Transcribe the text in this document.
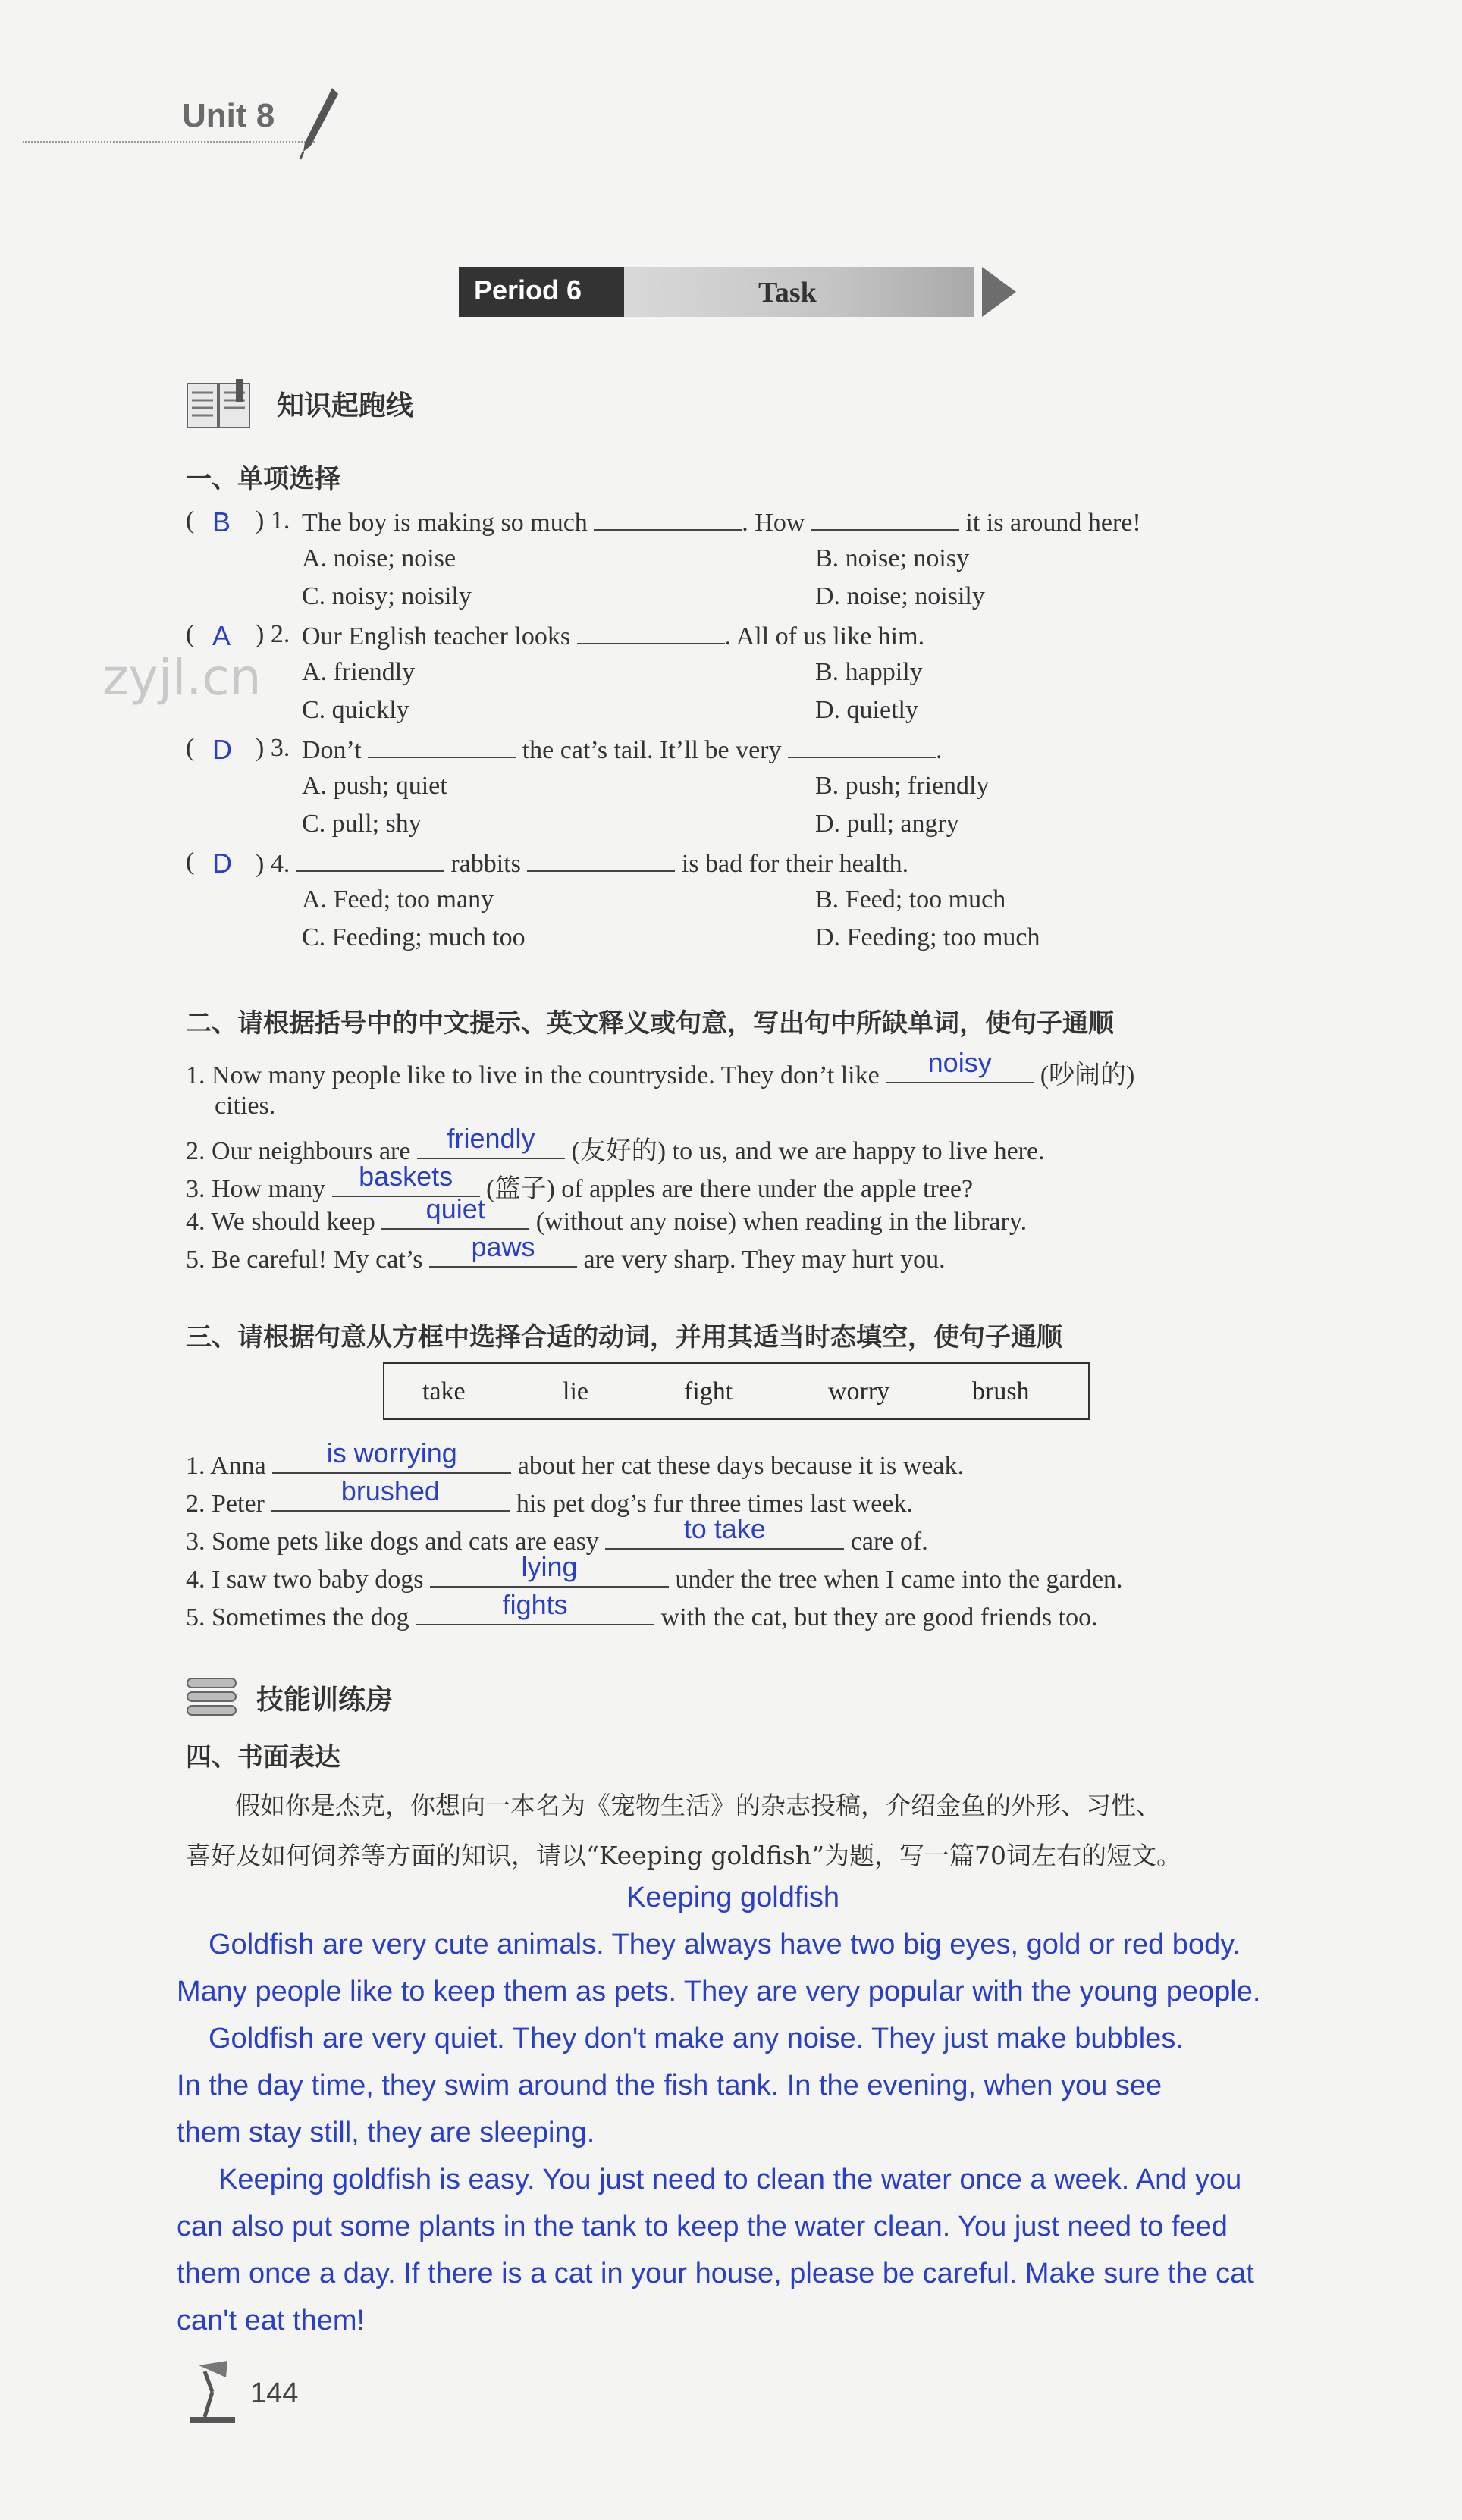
Unit 8
Period 6	Task
zyjl.cn
知识起跑线
一、单项选择
( B ) 1. The boy is making so much	. How	it is around here!
A. noise; noise	B. noise; noisy
C. noisy; noisily	D. noise; noisily
( A ) 2. Our English teacher looks	. All of us like him.
A. friendly	B. happily
C. quickly	D. quietly
( D ) 3. Don’t	the cat’s tail. It’ll be very	.
A. push; quiet	B. push; friendly
C. pull; shy	D. pull; angry
( D ) 4.	rabbits	is bad for their health.
A. Feed; too many	B. Feed; too much
C. Feeding; much too	D. Feeding; too much
二、请根据括号中的中文提示、英文释义或句意，写出句中所缺单词，使句子通顺
1. Now many people like to live in the countryside. They don’t like	noisy	(吵闹的)
cities.
2. Our neighbours are	friendly	(友好的) to us, and we are happy to live here.
3. How many	baskets	(篮子) of apples are there under the apple tree?
4. We should keep	quiet	(without any noise) when reading in the library.
5. Be careful! My cat’s	paws	are very sharp. They may hurt you.
三、请根据句意从方框中选择合适的动词，并用其适当时态填空，使句子通顺
take	lie	fight	worry	brush
1. Anna	is worrying	about her cat these days because it is weak.
2. Peter	brushed	his pet dog’s fur three times last week.
3. Some pets like dogs and cats are easy	to take	care of.
4. I saw two baby dogs	lying	under the tree when I came into the garden.
5. Sometimes the dog	fights	with the cat, but they are good friends too.
技能训练房
四、书面表达
假如你是杰克，你想向一本名为《宠物生活》的杂志投稿，介绍金鱼的外形、习性、
喜好及如何饲养等方面的知识，请以“Keeping goldfish”为题，写一篇70词左右的短文。
Keeping goldfish
Goldfish are very cute animals. They always have two big eyes, gold or red body.
Many people like to keep them as pets. They are very popular with the young people.
Goldfish are very quiet. They don't make any noise. They just make bubbles.
In the day time, they swim around the fish tank. In the evening, when you see
them stay still, they are sleeping.
Keeping goldfish is easy. You just need to clean the water once a week. And you
can also put some plants in the tank to keep the water clean. You just need to feed
them once a day. If there is a cat in your house, please be careful. Make sure the cat
can't eat them!
144
